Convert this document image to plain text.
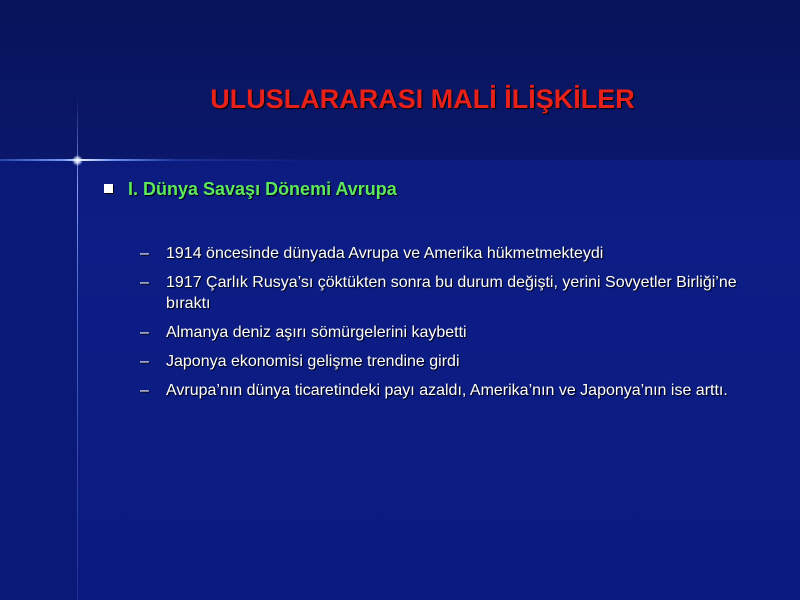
ULUSLARARASI MALİ İLİŞKİLER
I. Dünya Savaşı Dönemi Avrupa
–	1914 öncesinde dünyada Avrupa ve Amerika hükmetmekteydi
–	1917 Çarlık Rusya’sı çöktükten sonra bu durum değişti, yerini Sovyetler Birliği’ne bıraktı
–	Almanya deniz aşırı sömürgelerini kaybetti
–	Japonya ekonomisi gelişme trendine girdi
–	Avrupa’nın dünya ticaretindeki payı azaldı, Amerika’nın ve Japonya’nın ise arttı.
